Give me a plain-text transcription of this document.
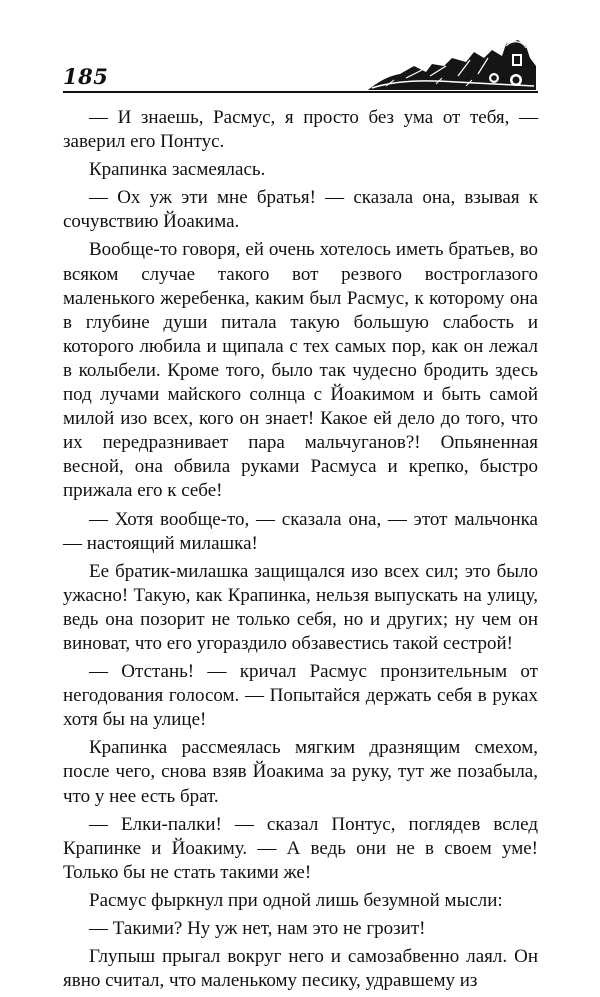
185

— И знаешь, Расмус, я просто без ума от тебя, — заверил его Понтус.

Крапинка засмеялась.

— Ох уж эти мне братья! — сказала она, взывая к сочувствию Йоакима.

Вообще-то говоря, ей очень хотелось иметь братьев, во всяком случае такого вот резвого востроглазого маленького жеребенка, каким был Расмус, к которому она в глубине души питала такую большую слабость и которого любила и щипала с тех самых пор, как он лежал в колыбели. Кроме того, было так чудесно бродить здесь под лучами майского солнца с Йоакимом и быть самой милой изо всех, кого он знает! Какое ей дело до того, что их передразнивает пара мальчуганов?! Опьяненная весной, она обвила руками Расмуса и крепко, быстро прижала его к себе!

— Хотя вообще-то, — сказала она, — этот мальчонка — настоящий милашка!

Ее братик-милашка защищался изо всех сил; это было ужасно! Такую, как Крапинка, нельзя выпускать на улицу, ведь она позорит не только себя, но и других; ну чем он виноват, что его угораздило обзавестись такой сестрой!

— Отстань! — кричал Расмус пронзительным от негодования голосом. — Попытайся держать себя в руках хотя бы на улице!

Крапинка рассмеялась мягким дразнящим смехом, после чего, снова взяв Йоакима за руку, тут же позабыла, что у нее есть брат.

— Елки-палки! — сказал Понтус, поглядев вслед Крапинке и Йоакиму. — А ведь они не в своем уме! Только бы не стать такими же!

Расмус фыркнул при одной лишь безумной мысли:

— Такими? Ну уж нет, нам это не грозит!

Глупыш прыгал вокруг него и самозабвенно лаял. Он явно считал, что маленькому песику, удравшему из
